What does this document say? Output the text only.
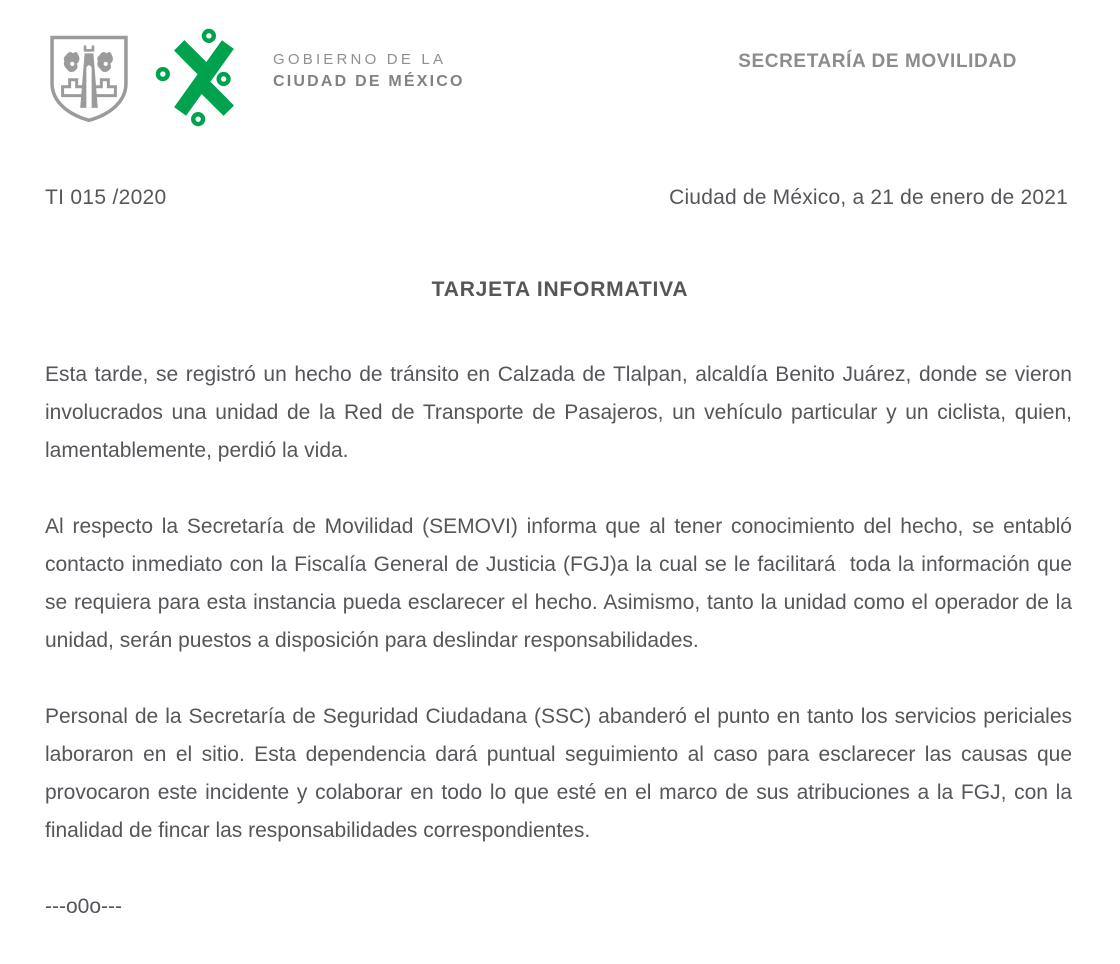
GOBIERNO DE LA
CIUDAD DE MÉXICO
SECRETARÍA DE MOVILIDAD
TI 015 /2020	Ciudad de México, a 21 de enero de 2021
TARJETA INFORMATIVA

Esta tarde, se registró un hecho de tránsito en Calzada de Tlalpan, alcaldía Benito Juárez, donde se vieron involucrados una unidad de la Red de Transporte de Pasajeros, un vehículo particular y un ciclista, quien, lamentablemente, perdió la vida.

Al respecto la Secretaría de Movilidad (SEMOVI) informa que al tener conocimiento del hecho, se entabló contacto inmediato con la Fiscalía General de Justicia (FGJ)a la cual se le facilitará  toda la información que se requiera para esta instancia pueda esclarecer el hecho. Asimismo, tanto la unidad como el operador de la unidad, serán puestos a disposición para deslindar responsabilidades.

Personal de la Secretaría de Seguridad Ciudadana (SSC) abanderó el punto en tanto los servicios periciales laboraron en el sitio. Esta dependencia dará puntual seguimiento al caso para esclarecer las causas que provocaron este incidente y colaborar en todo lo que esté en el marco de sus atribuciones a la FGJ, con la finalidad de fincar las responsabilidades correspondientes.

---o0o---
